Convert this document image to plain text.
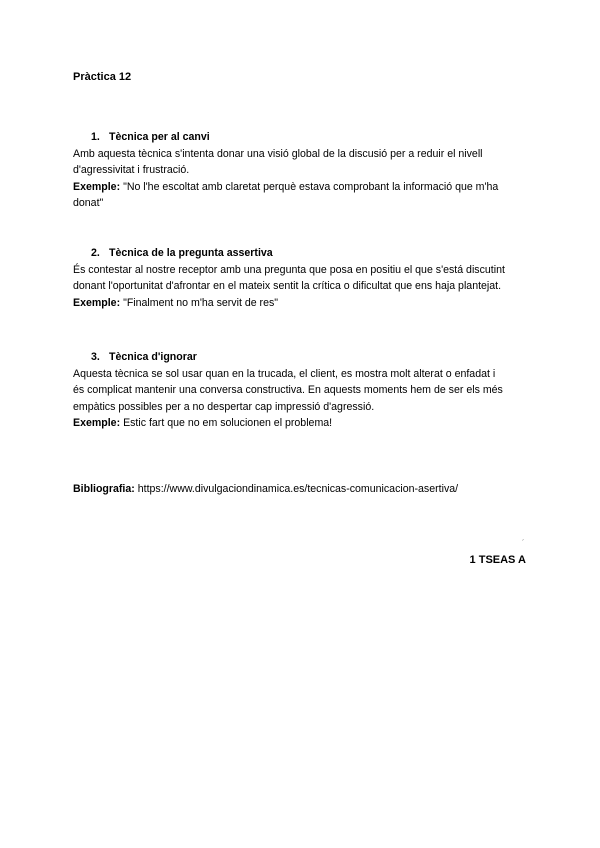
Pràctica 12
1. Tècnica per al canvi
Amb aquesta tècnica s'intenta donar una visió global de la discusió per a reduir el nivell
d'agressivitat i frustració.
Exemple: "No l'he escoltat amb claretat perquè estava comprobant la informació que m'ha
donat"
2. Tècnica de la pregunta assertiva
És contestar al nostre receptor amb una pregunta que posa en positiu el que s'está discutint
donant l'oportunitat d'afrontar en el mateix sentit la crítica o dificultat que ens haja plantejat.
Exemple: "Finalment no m'ha servit de res"
3. Tècnica d'ignorar
Aquesta tècnica se sol usar quan en la trucada, el client, es mostra molt alterat o enfadat i
és complicat mantenir una conversa constructiva. En aquests moments hem de ser els més
empàtics possibles per a no despertar cap impressió d'agressió.
Exemple: Estic fart que no em solucionen el problema!
Bibliografia: https://www.divulgaciondinamica.es/tecnicas-comunicacion-asertiva/
´
1 TSEAS A
